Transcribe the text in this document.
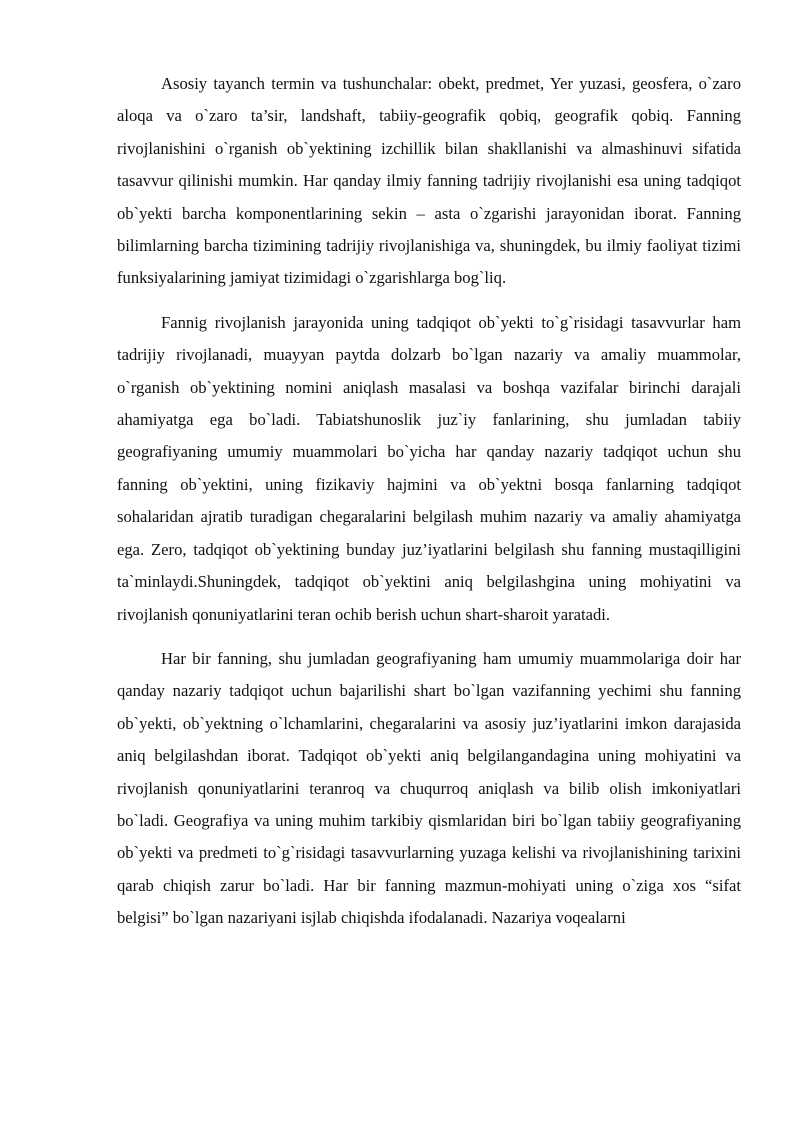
Asosiy tayanch termin va tushunchalar: obekt, predmet, Yer yuzasi, geosfera, o`zaro aloqa va o`zaro ta’sir, landshaft, tabiiy-geografik qobiq, geografik qobiq. Fanning rivojlanishini o`rganish ob`yektining izchillik bilan shakllanishi va almashinuvi sifatida tasavvur qilinishi mumkin. Har qanday ilmiy fanning tadrijiy rivojlanishi esa uning tadqiqot ob`yekti barcha komponentlarining sekin – asta o`zgarishi jarayonidan iborat. Fanning bilimlarning barcha tizimining tadrijiy rivojlanishiga va, shuningdek, bu ilmiy faoliyat tizimi funksiyalarining jamiyat tizimidagi o`zgarishlarga bog`liq.

Fannig rivojlanish jarayonida uning tadqiqot ob`yekti to`g`risidagi tasavvurlar ham tadrijiy rivojlanadi, muayyan paytda dolzarb bo`lgan nazariy va amaliy muammolar, o`rganish ob`yektining nomini aniqlash masalasi va boshqa vazifalar birinchi darajali ahamiyatga ega bo`ladi. Tabiatshunoslik juz`iy fanlarining, shu jumladan tabiiy geografiyaning umumiy muammolari bo`yicha har qanday nazariy tadqiqot uchun shu fanning ob`yektini, uning fizikaviy hajmini va ob`yektni bosqa fanlarning tadqiqot sohalaridan ajratib turadigan chegaralarini belgilash muhim nazariy va amaliy ahamiyatga ega. Zero, tadqiqot ob`yektining bunday juz’iyatlarini belgilash shu fanning mustaqilligini ta`minlaydi.Shuningdek, tadqiqot ob`yektini aniq belgilashgina uning mohiyatini va rivojlanish qonuniyatlarini teran ochib berish uchun shart-sharoit yaratadi.

Har bir fanning, shu jumladan geografiyaning ham umumiy muammolariga doir har qanday nazariy tadqiqot uchun bajarilishi shart bo`lgan vazifanning yechimi shu fanning ob`yekti, ob`yektning o`lchamlarini, chegaralarini va asosiy juz’iyatlarini imkon darajasida aniq belgilashdan iborat. Tadqiqot ob`yekti aniq belgilangandagina uning mohiyatini va rivojlanish qonuniyatlarini teranroq va chuqurroq aniqlash va bilib olish imkoniyatlari bo`ladi. Geografiya va uning muhim tarkibiy qismlaridan biri bo`lgan tabiiy geografiyaning ob`yekti va predmeti to`g`risidagi tasavvurlarning yuzaga kelishi va rivojlanishining tarixini qarab chiqish zarur bo`ladi. Har bir fanning mazmun-mohiyati uning o`ziga xos “sifat belgisi” bo`lgan nazariyani isjlab chiqishda ifodalanadi. Nazariya voqealarni
